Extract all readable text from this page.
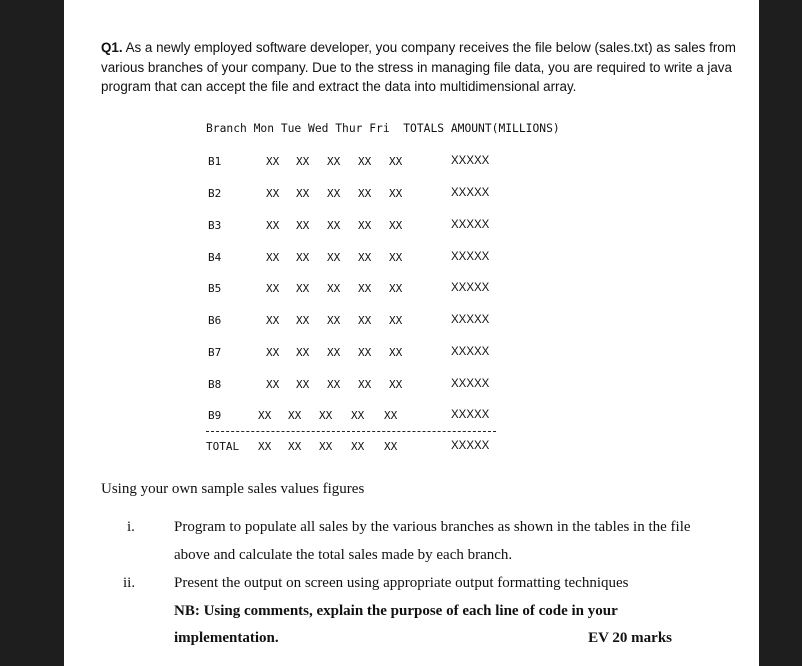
Q1. As a newly employed software developer, you company receives the file below (sales.txt) as sales from various branches of your company. Due to the stress in managing file data, you are required to write a java program that can accept the file and extract the data into multidimensional array.
Branch Mon Tue Wed Thur Fri  TOTALS AMOUNT(MILLIONS)
B1	XX XX XX XX XX	XXXXX
B2	XX XX XX XX XX	XXXXX
B3	XX XX XX XX XX	XXXXX
B4	XX XX XX XX XX	XXXXX
B5	XX XX XX XX XX	XXXXX
B6	XX XX XX XX XX	XXXXX
B7	XX XX XX XX XX	XXXXX
B8	XX XX XX XX XX	XXXXX
B9	XX XX XX XX XX	XXXXX
TOTAL XX XX XX XX XX	XXXXX
Using your own sample sales values figures
i.	Program to populate all sales by the various branches as shown in the tables in the file
above and calculate the total sales made by each branch.
ii.	Present the output on screen using appropriate output formatting techniques
NB: Using comments, explain the purpose of each line of code in your
implementation.	EV 20 marks
